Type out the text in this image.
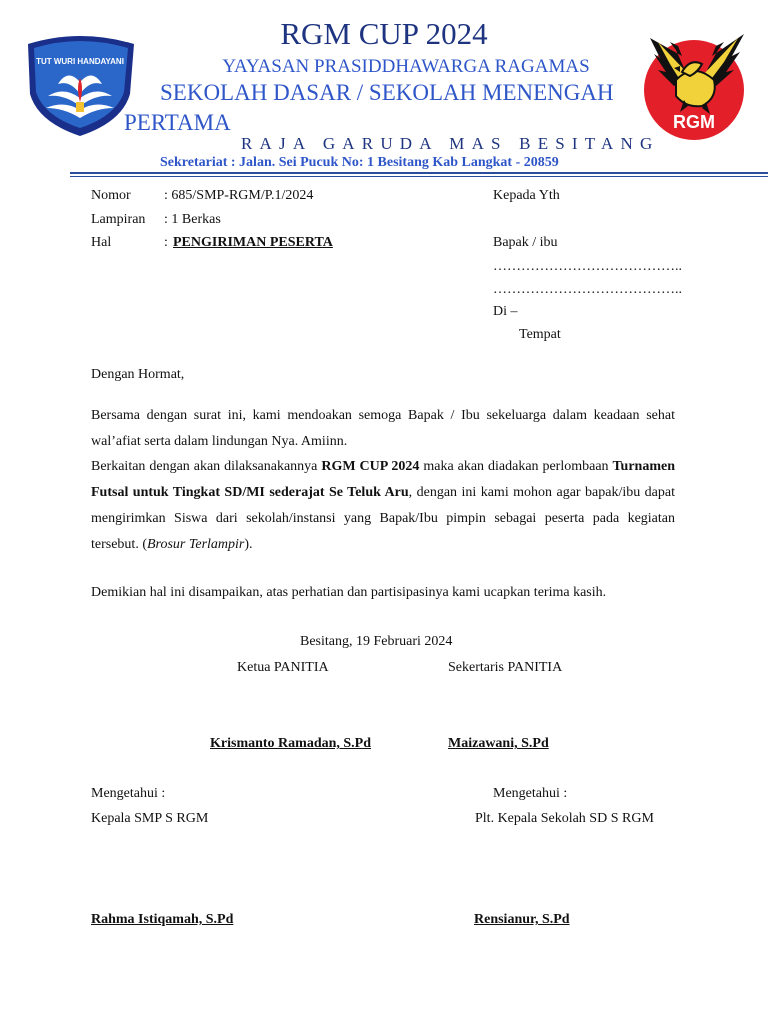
TUT WURI HANDAYANI
RGM
RGM CUP 2024
YAYASAN PRASIDDHAWARGA RAGAMAS
SEKOLAH DASAR / SEKOLAH MENENGAH
PERTAMA
RAJA GARUDA MAS BESITANG
Sekretariat : Jalan. Sei Pucuk No: 1 Besitang Kab Langkat - 20859
Nomor : 685/SMP-RGM/P.1/2024
Lampiran : 1 Berkas
Hal	: PENGIRIMAN PESERTA
Kepada Yth
Bapak / ibu
…………………………………..
…………………………………..
Di –
Tempat
Dengan Hormat,

Bersama dengan surat ini, kami mendoakan semoga Bapak / Ibu sekeluarga dalam keadaan sehat wal’afiat serta dalam lindungan Nya. Amiinn.

Berkaitan dengan akan dilaksanakannya RGM CUP 2024 maka akan diadakan perlombaan Turnamen Futsal untuk Tingkat SD/MI sederajat Se Teluk Aru, dengan ini kami mohon agar bapak/ibu dapat mengirimkan Siswa dari sekolah/instansi yang Bapak/Ibu pimpin sebagai peserta pada kegiatan tersebut. (Brosur Terlampir).

Demikian hal ini disampaikan, atas perhatian dan partisipasinya kami ucapkan terima kasih.
Besitang, 19 Februari 2024
Ketua PANITIA	Sekertaris PANITIA
Krismanto Ramadan, S.Pd	Maizawani, S.Pd
Mengetahui :	Mengetahui :
Kepala SMP S RGM	Plt. Kepala Sekolah SD S RGM
Rahma Istiqamah, S.Pd	Rensianur, S.Pd
